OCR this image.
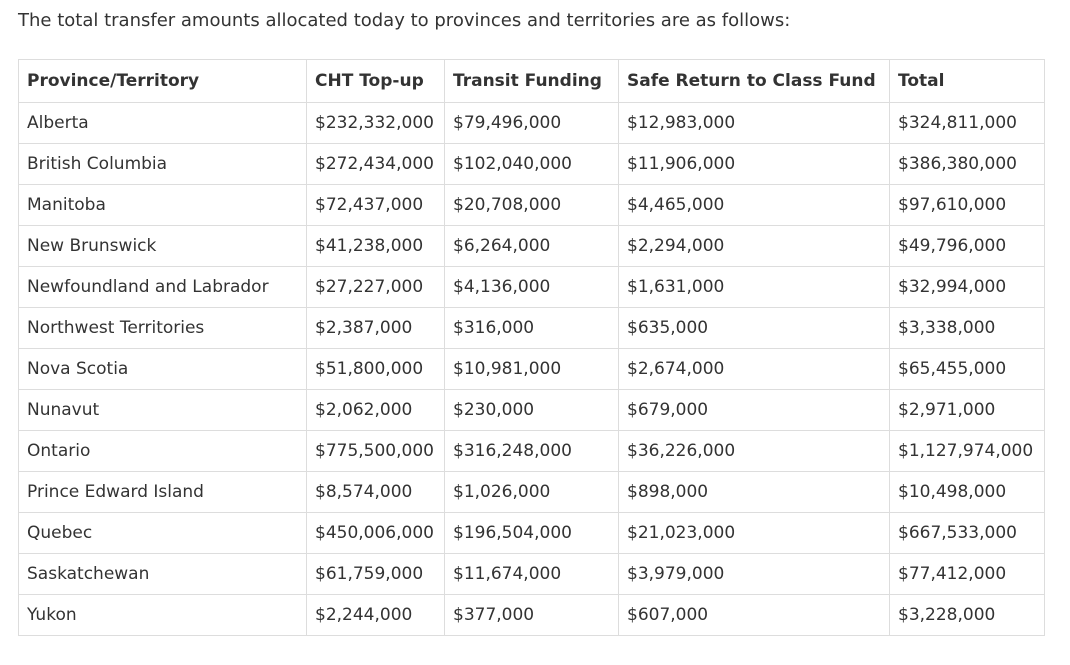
The total transfer amounts allocated today to provinces and territories are as follows:

Province/Territory	CHT Top-up	Transit Funding	Safe Return to Class Fund	Total
Alberta	$232,332,000	$79,496,000	$12,983,000	$324,811,000
British Columbia	$272,434,000	$102,040,000	$11,906,000	$386,380,000
Manitoba	$72,437,000	$20,708,000	$4,465,000	$97,610,000
New Brunswick	$41,238,000	$6,264,000	$2,294,000	$49,796,000
Newfoundland and Labrador	$27,227,000	$4,136,000	$1,631,000	$32,994,000
Northwest Territories	$2,387,000	$316,000	$635,000	$3,338,000
Nova Scotia	$51,800,000	$10,981,000	$2,674,000	$65,455,000
Nunavut	$2,062,000	$230,000	$679,000	$2,971,000
Ontario	$775,500,000	$316,248,000	$36,226,000	$1,127,974,000
Prince Edward Island	$8,574,000	$1,026,000	$898,000	$10,498,000
Quebec	$450,006,000	$196,504,000	$21,023,000	$667,533,000
Saskatchewan	$61,759,000	$11,674,000	$3,979,000	$77,412,000
Yukon	$2,244,000	$377,000	$607,000	$3,228,000
